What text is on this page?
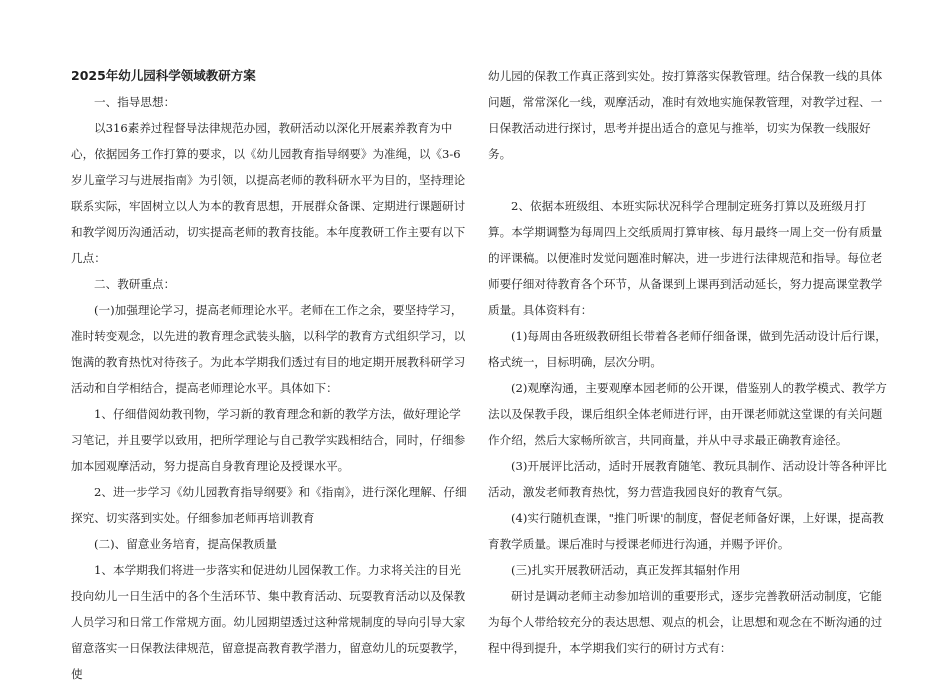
2025年幼儿园科学领域教研方案

一、指导思想：

以316素养过程督导法律规范办园，教研活动以深化开展素养教育为中心，依据园务工作打算的要求，以《幼儿园教育指导纲要》为准绳，以《3-6岁儿童学习与进展指南》为引领，以提高老师的教科研水平为目的，坚持理论联系实际，牢固树立以人为本的教育思想，开展群众备课、定期进行课题研讨和教学阅历沟通活动，切实提高老师的教育技能。本年度教研工作主要有以下几点：

二、教研重点：

(一)加强理论学习，提高老师理论水平。老师在工作之余，要坚持学习，准时转变观念，以先进的教育理念武装头脑，以科学的教育方式组织学习，以饱满的教育热忱对待孩子。为此本学期我们透过有目的地定期开展教科研学习活动和自学相结合，提高老师理论水平。具体如下：

1、仔细借阅幼教刊物，学习新的教育理念和新的教学方法，做好理论学习笔记，并且要学以致用，把所学理论与自己教学实践相结合，同时，仔细参加本园观摩活动，努力提高自身教育理论及授课水平。

2、进一步学习《幼儿园教育指导纲要》和《指南》，进行深化理解、仔细探究、切实落到实处。仔细参加老师再培训教育

(二)、留意业务培育，提高保教质量

1、本学期我们将进一步落实和促进幼儿园保教工作。力求将关注的目光投向幼儿一日生活中的各个生活环节、集中教育活动、玩耍教育活动以及保教人员学习和日常工作常规方面。幼儿园期望透过这种常规制度的导向引导大家留意落实一日保教法律规范，留意提高教育教学潜力，留意幼儿的玩耍教学，使

幼儿园的保教工作真正落到实处。按打算落实保教管理。结合保教一线的具体问题，常常深化一线，观摩活动，准时有效地实施保教管理，对教学过程、一日保教活动进行探讨，思考并提出适合的意见与推举，切实为保教一线服好务。

2、依据本班级组、本班实际状况科学合理制定班务打算以及班级月打算。本学期调整为每周四上交纸质周打算审核、每月最终一周上交一份有质量的评课稿。以便准时发觉问题准时解决，进一步进行法律规范和指导。每位老师要仔细对待教育各个环节，从备课到上课再到活动延长，努力提高课堂教学质量。具体资料有：

(1)每周由各班级教研组长带着各老师仔细备课，做到先活动设计后行课，格式统一，目标明确，层次分明。

(2)观摩沟通，主要观摩本园老师的公开课，借鉴别人的教学模式、教学方法以及保教手段，课后组织全体老师进行评，由开课老师就这堂课的有关问题作介绍，然后大家畅所欲言，共同商量，并从中寻求最正确教育途径。

(3)开展评比活动，适时开展教育随笔、教玩具制作、活动设计等各种评比活动，激发老师教育热忱，努力营造我园良好的教育气氛。

(4)实行随机查课，"推门听课'的制度，督促老师备好课，上好课，提高教育教学质量。课后准时与授课老师进行沟通，并赐予评价。

(三)扎实开展教研活动，真正发挥其辐射作用

研讨是调动老师主动参加培训的重要形式，逐步完善教研活动制度，它能为每个人带给较充分的表达思想、观点的机会，让思想和观念在不断沟通的过程中得到提升，本学期我们实行的研讨方式有：
